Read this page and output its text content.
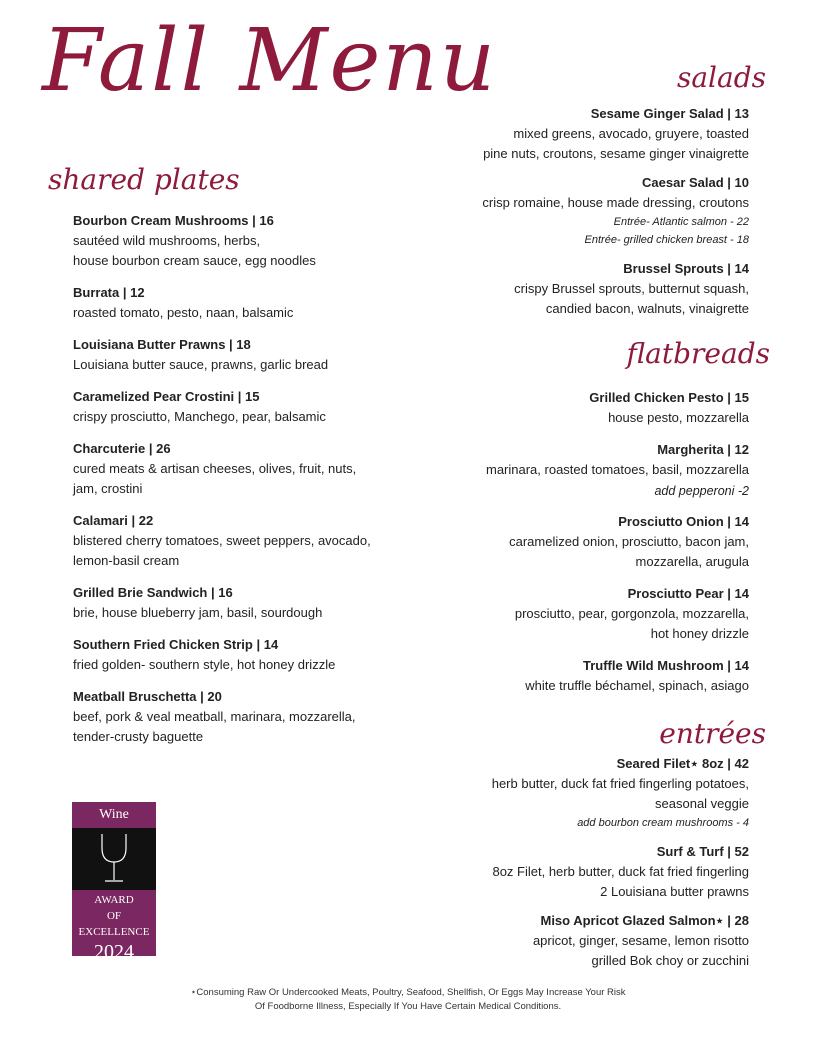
Fall Menu
shared plates
Bourbon Cream Mushrooms | 16
sautéed wild mushrooms, herbs,
house bourbon cream sauce, egg noodles
Burrata | 12
roasted tomato, pesto, naan, balsamic
Louisiana Butter Prawns | 18
Louisiana butter sauce, prawns, garlic bread
Caramelized Pear Crostini | 15
crispy prosciutto, Manchego, pear, balsamic
Charcuterie | 26
cured meats & artisan cheeses, olives, fruit, nuts,
jam, crostini
Calamari | 22
blistered cherry tomatoes, sweet peppers, avocado,
lemon-basil cream
Grilled Brie Sandwich | 16
brie, house blueberry jam, basil, sourdough
Southern Fried Chicken Strip | 14
fried golden- southern style, hot honey drizzle
Meatball Bruschetta | 20
beef, pork & veal meatball, marinara, mozzarella,
tender-crusty baguette
salads
Sesame Ginger Salad | 13
mixed greens, avocado, gruyere, toasted
pine nuts, croutons, sesame ginger vinaigrette
Caesar Salad | 10
crisp romaine, house made dressing, croutons
Entrée- Atlantic salmon - 22
Entrée- grilled chicken breast - 18
Brussel Sprouts | 14
crispy Brussel sprouts, butternut squash,
candied bacon, walnuts, vinaigrette
flatbreads
Grilled Chicken Pesto | 15
house pesto, mozzarella
Margherita | 12
marinara, roasted tomatoes, basil, mozzarella
add pepperoni -2
Prosciutto Onion | 14
caramelized onion, prosciutto, bacon jam,
mozzarella, arugula
Prosciutto Pear | 14
prosciutto, pear, gorgonzola, mozzarella,
hot honey drizzle
Truffle Wild Mushroom | 14
white truffle béchamel, spinach, asiago
entrées
Seared Filet⋆ 8oz | 42
herb butter, duck fat fried fingerling potatoes,
seasonal veggie
add bourbon cream mushrooms - 4
Surf & Turf | 52
8oz Filet, herb butter, duck fat fried fingerling
2 Louisiana butter prawns
Miso Apricot Glazed Salmon⋆ | 28
apricot, ginger, sesame, lemon risotto
grilled Bok choy or zucchini
Wine
AWARD
OF
EXCELLENCE
2024
⋆Consuming Raw Or Undercooked Meats, Poultry, Seafood, Shellfish, Or Eggs May Increase Your Risk
Of Foodborne Illness, Especially If You Have Certain Medical Conditions.
